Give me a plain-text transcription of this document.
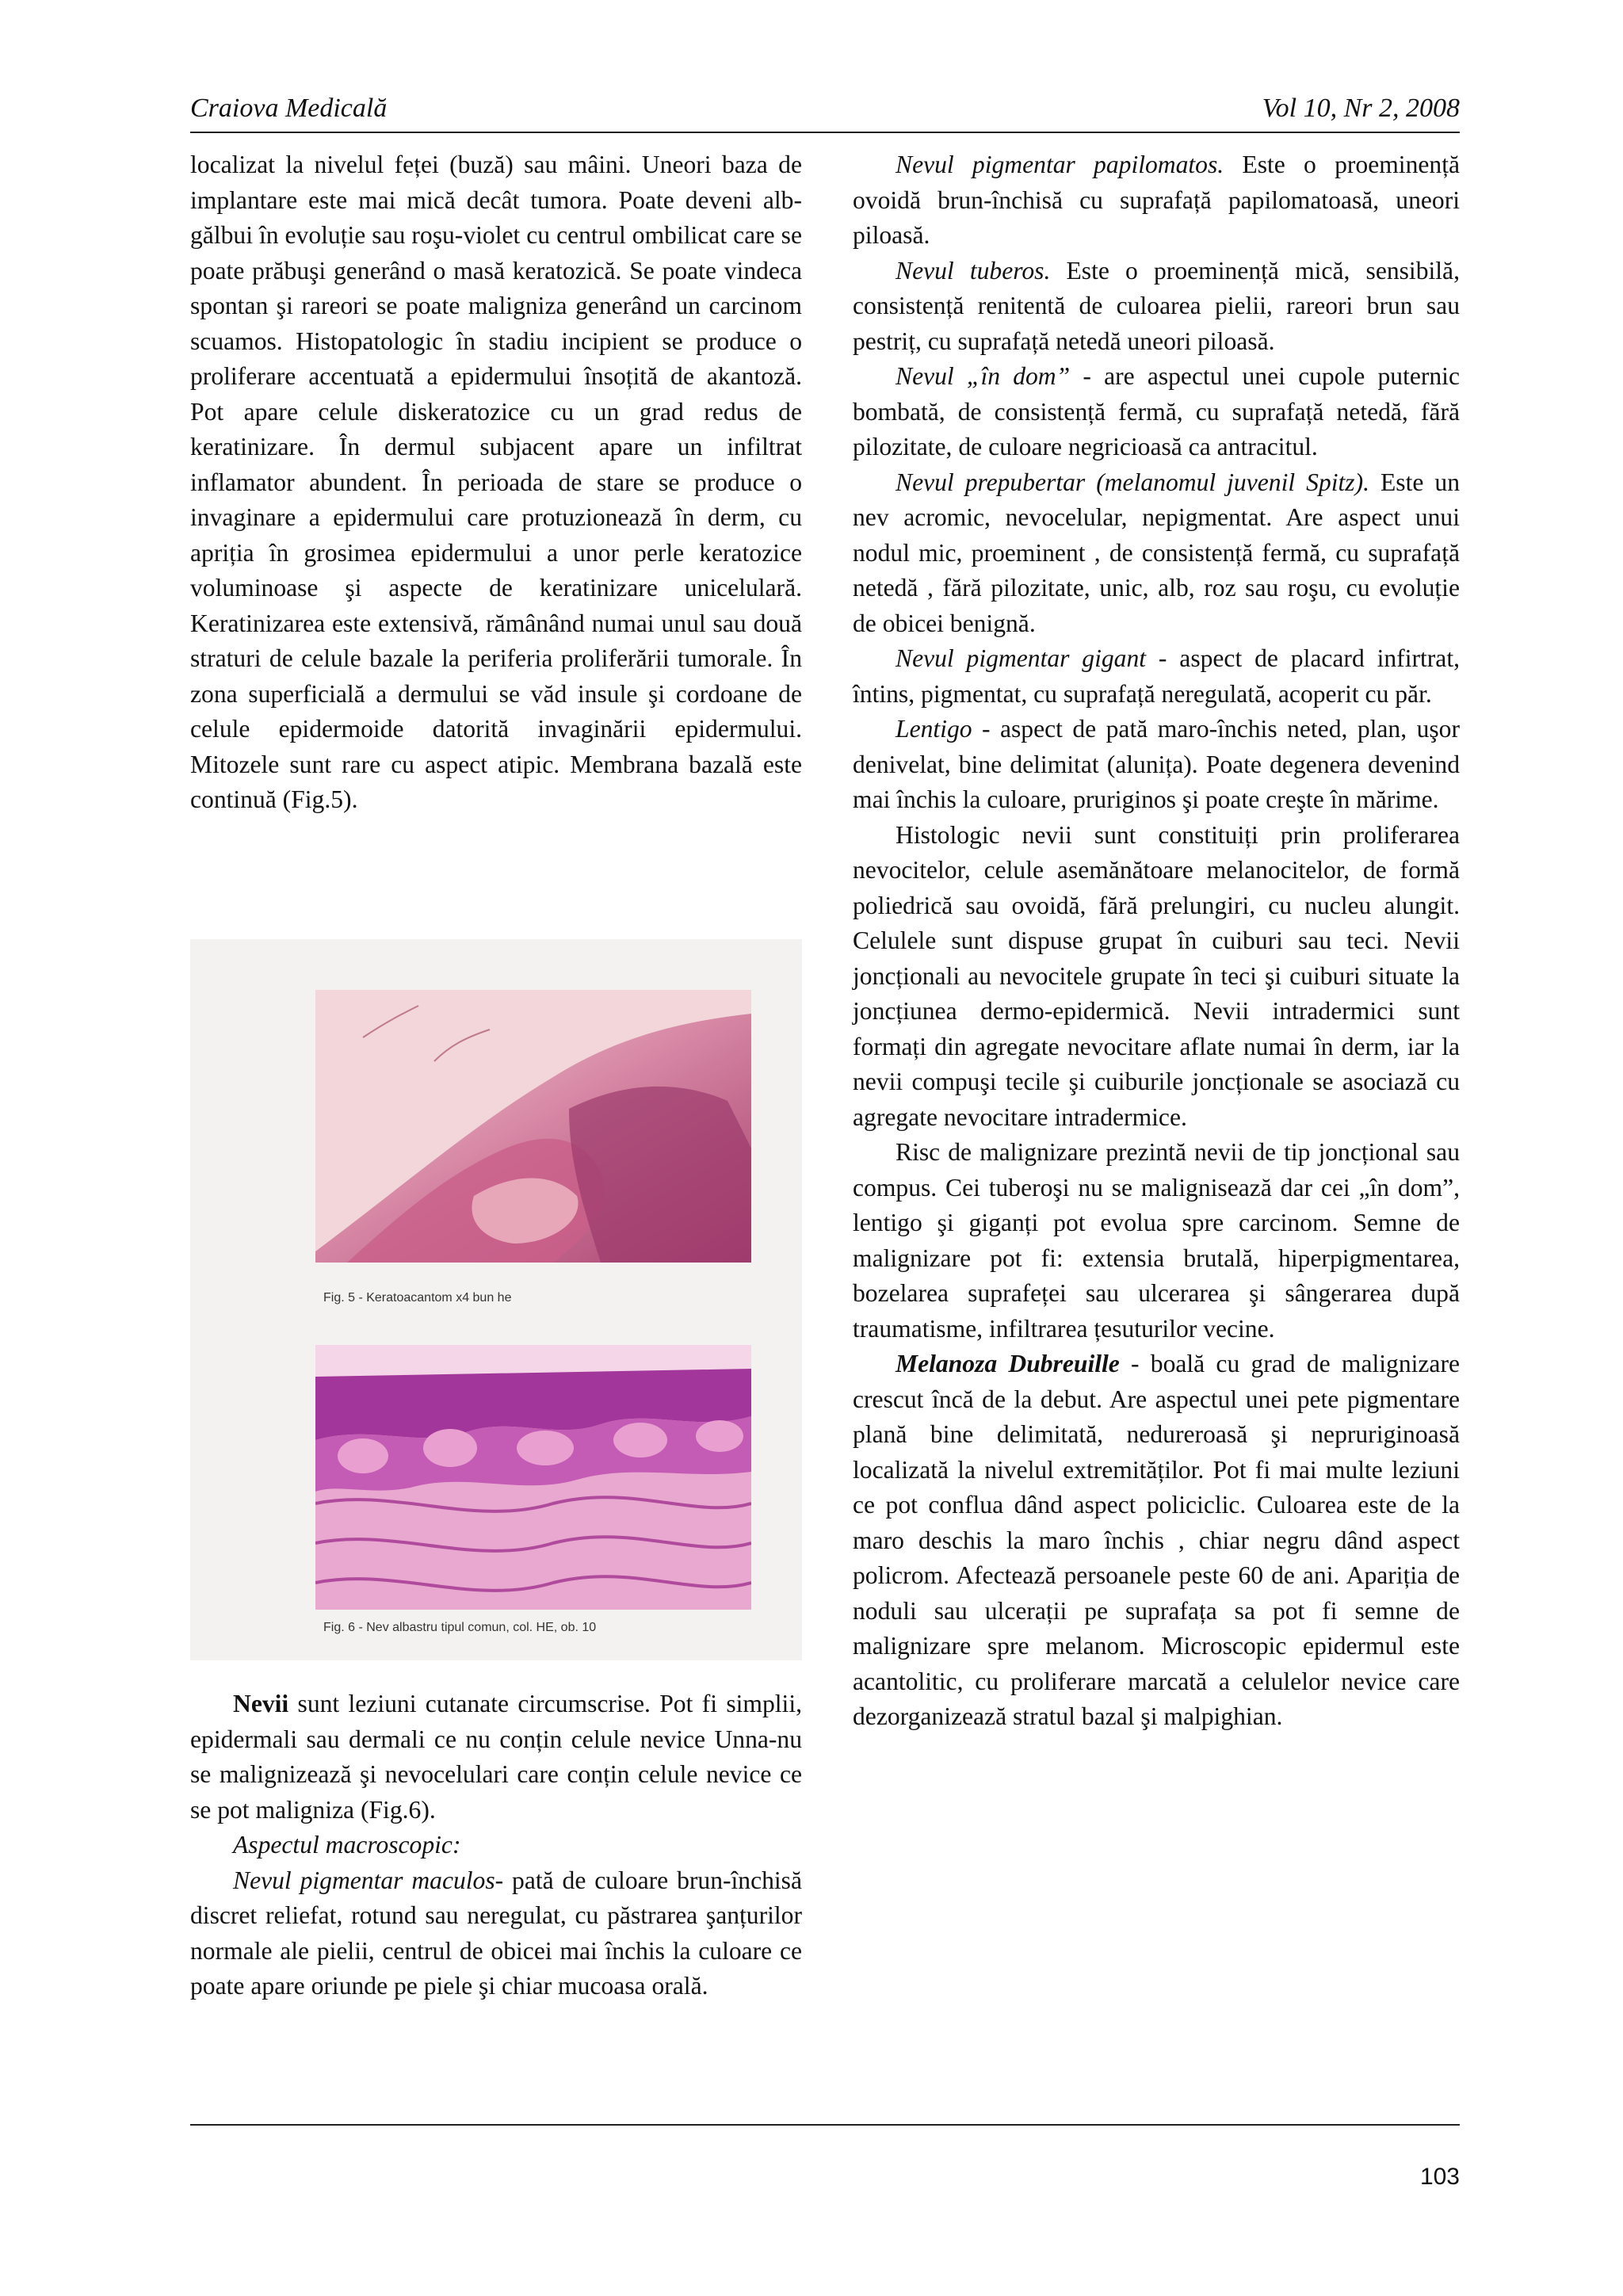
Craiova Medicală	Vol 10, Nr 2, 2008

localizat la nivelul feței (buză) sau mâini. Uneori baza de implantare este mai mică decât tumora. Poate deveni alb-gălbui în evoluție sau roşu-violet cu centrul ombilicat care se poate prăbuşi generând o masă keratozică. Se poate vindeca spontan şi rareori se poate maligniza generând un carcinom scuamos. Histopatologic în stadiu incipient se produce o proliferare accentuată a epidermului însoțită de akantoză. Pot apare celule diskeratozice cu un grad redus de keratinizare. În dermul subjacent apare un infiltrat inflamator abundent. În perioada de stare se produce o invaginare a epidermului care protuzionează în derm, cu apriția în grosimea epidermului a unor perle keratozice voluminoase şi aspecte de keratinizare unicelulară. Keratinizarea este extensivă, rămânând numai unul sau două straturi de celule bazale la periferia proliferării tumorale. În zona superficială a dermului se văd insule şi cordoane de celule epidermoide datorită invaginării epidermului. Mitozele sunt rare cu aspect atipic. Membrana bazală este continuă (Fig.5).

Fig. 5 - Keratoacantom x4 bun he
Fig. 6 - Nev albastru tipul comun, col. HE, ob. 10

Nevii sunt leziuni cutanate circumscrise. Pot fi simplii, epidermali sau dermali ce nu conțin celule nevice Unna-nu se malignizează şi nevocelulari care conțin celule nevice ce se pot maligniza (Fig.6).

Aspectul macroscopic:

Nevul pigmentar maculos- pată de culoare brun-închisă discret reliefat, rotund sau neregulat, cu păstrarea şanțurilor normale ale pielii, centrul de obicei mai închis la culoare ce poate apare oriunde pe piele şi chiar mucoasa orală.

Nevul pigmentar papilomatos. Este o proeminență ovoidă brun-închisă cu suprafață papilomatoasă, uneori piloasă.

Nevul tuberos. Este o proeminență mică, sensibilă, consistență renitentă de culoarea pielii, rareori brun sau pestriț, cu suprafață netedă uneori piloasă.

Nevul „în dom” - are aspectul unei cupole puternic bombată, de consistență fermă, cu suprafață netedă, fără pilozitate, de culoare negricioasă ca antracitul.

Nevul prepubertar (melanomul juvenil Spitz). Este un nev acromic, nevocelular, nepigmentat. Are aspect unui nodul mic, proeminent , de consistență fermă, cu suprafață netedă , fără pilozitate, unic, alb, roz sau roşu, cu evoluție de obicei benignă.

Nevul pigmentar gigant - aspect de placard infirtrat, întins, pigmentat, cu suprafață neregulată, acoperit cu păr.

Lentigo - aspect de pată maro-închis neted, plan, uşor denivelat, bine delimitat (alunița). Poate degenera devenind mai închis la culoare, pruriginos şi poate creşte în mărime.

Histologic nevii sunt constituiți prin proliferarea nevocitelor, celule asemănătoare melanocitelor, de formă poliedrică sau ovoidă, fără prelungiri, cu nucleu alungit. Celulele sunt dispuse grupat în cuiburi sau teci. Nevii joncționali au nevocitele grupate în teci şi cuiburi situate la joncțiunea dermo-epidermică. Nevii intradermici sunt formați din agregate nevocitare aflate numai în derm, iar la nevii compuşi tecile şi cuiburile joncționale se asociază cu agregate nevocitare intradermice.

Risc de malignizare prezintă nevii de tip joncțional sau compus. Cei tuberoşi nu se malignisează dar cei „în dom”, lentigo şi giganți pot evolua spre carcinom. Semne de malignizare pot fi: extensia brutală, hiperpigmentarea, bozelarea suprafeței sau ulcerarea şi sângerarea după traumatisme, infiltrarea țesuturilor vecine.

Melanoza Dubreuille - boală cu grad de malignizare crescut încă de la debut. Are aspectul unei pete pigmentare plană bine delimitată, nedureroasă şi nepruriginoasă localizată la nivelul extremităților. Pot fi mai multe leziuni ce pot conflua dând aspect policiclic. Culoarea este de la maro deschis la maro închis , chiar negru dând aspect policrom. Afectează persoanele peste 60 de ani. Apariția de noduli sau ulcerații pe suprafața sa pot fi semne de malignizare spre melanom. Microscopic epidermul este acantolitic, cu proliferare marcată a celulelor nevice care dezorganizează stratul bazal şi malpighian.

103
